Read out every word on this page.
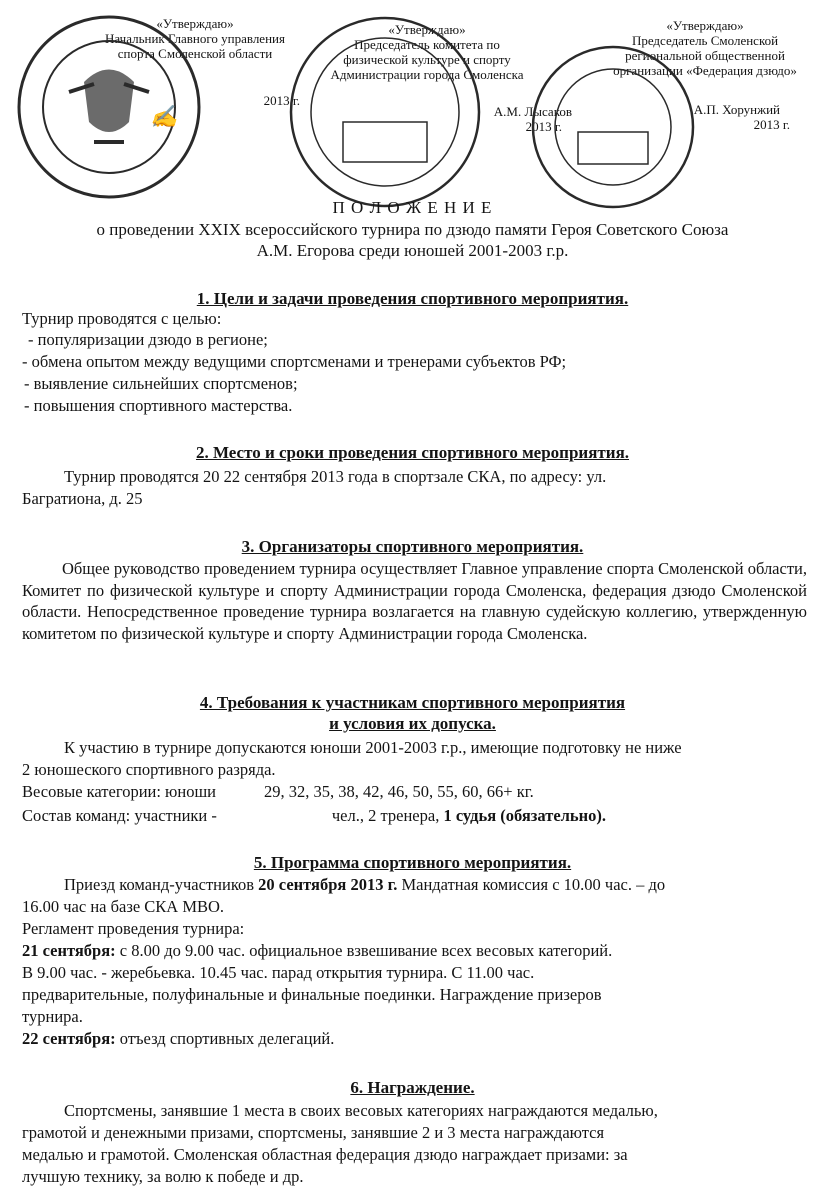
«Утверждаю»
Начальник Главного управления
спорта Смоленской области
2013 г.
✍
«Утверждаю»
Председатель комитета по
физической культуре и спорту
Администрации города Смоленска
А.М. Лысаков
2013 г.
«Утверждаю»
Председатель Смоленской
региональной общественной
организации «Федерация дзюдо»
А.П. Хорунжий
2013 г.
П О Л О Ж Е Н И Е
о проведении XXIX всероссийского турнира по дзюдо памяти Героя Советского Союза
А.М. Егорова среди юношей 2001-2003 г.р.
1. Цели и задачи проведения спортивного мероприятия.
Турнир проводятся с целью:
- популяризации дзюдо в регионе;
- обмена опытом между ведущими спортсменами и тренерами субъектов РФ;
- выявление сильнейших спортсменов;
- повышения спортивного мастерства.
2. Место и сроки проведения спортивного мероприятия.
Турнир проводятся 20 22 сентября 2013 года в спортзале СКА, по адресу: ул.
Багратиона, д. 25
3. Организаторы спортивного мероприятия.
Общее руководство проведением турнира осуществляет Главное управление спорта Смоленской области, Комитет по физической культуре и спорту Администрации города Смоленска, федерация дзюдо Смоленской области. Непосредственное проведение турнира возлагается на главную судейскую коллегию, утвержденную комитетом по физической культуре и спорту Администрации города Смоленска.
4. Требования к участникам спортивного мероприятия
и условия их допуска.
К участию в турнире допускаются юноши 2001-2003 г.р., имеющие подготовку не ниже
2 юношеского спортивного разряда.
Весовые категории: юноши	29, 32, 35, 38, 42, 46, 50, 55, 60, 66+ кг.
Состав команд: участники -	чел., 2 тренера, 1 судья (обязательно).
5. Программа спортивного мероприятия.
Приезд команд-участников 20 сентября 2013 г. Мандатная комиссия с 10.00 час. – до
16.00 час на базе СКА МВО.
Регламент проведения турнира:
21 сентября: с 8.00 до 9.00 час. официальное взвешивание всех весовых категорий.
В 9.00 час. - жеребьевка. 10.45 час. парад открытия турнира. С 11.00 час.
предварительные, полуфинальные и финальные поединки. Награждение призеров
турнира.
22 сентября: отъезд спортивных делегаций.
6. Награждение.
Спортсмены, занявшие 1 места в своих весовых категориях награждаются медалью,
грамотой и денежными призами, спортсмены, занявшие 2 и 3 места награждаются
медалью и грамотой. Смоленская областная федерация дзюдо награждает призами: за
лучшую технику, за волю к победе и др.
